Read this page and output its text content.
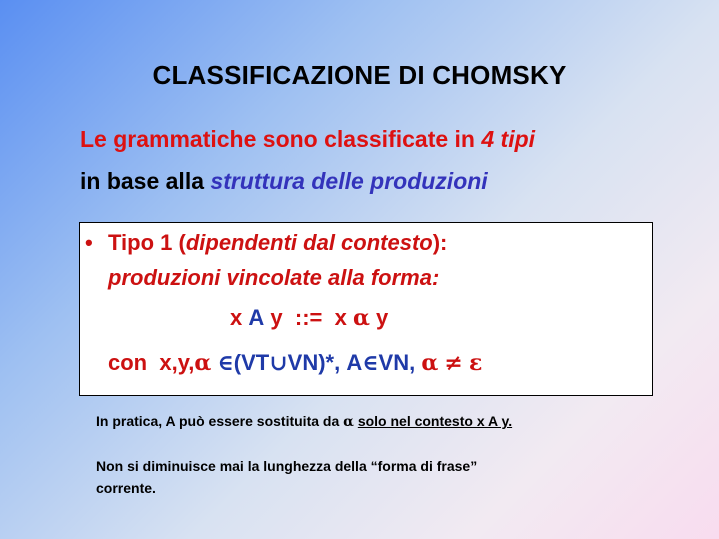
CLASSIFICAZIONE DI CHOMSKY
Le grammatiche sono classificate in 4 tipi
in base alla struttura delle produzioni
• Tipo 1 (dipendenti dal contesto):
produzioni vincolate alla forma:
x A y ::= x α y
con x,y,α ∈(VT∪VN)*, A∈VN, α ≠ ε
In pratica, A può essere sostituita da α solo nel contesto x A y.
Non si diminuisce mai la lunghezza della “forma di frase”
corrente.
